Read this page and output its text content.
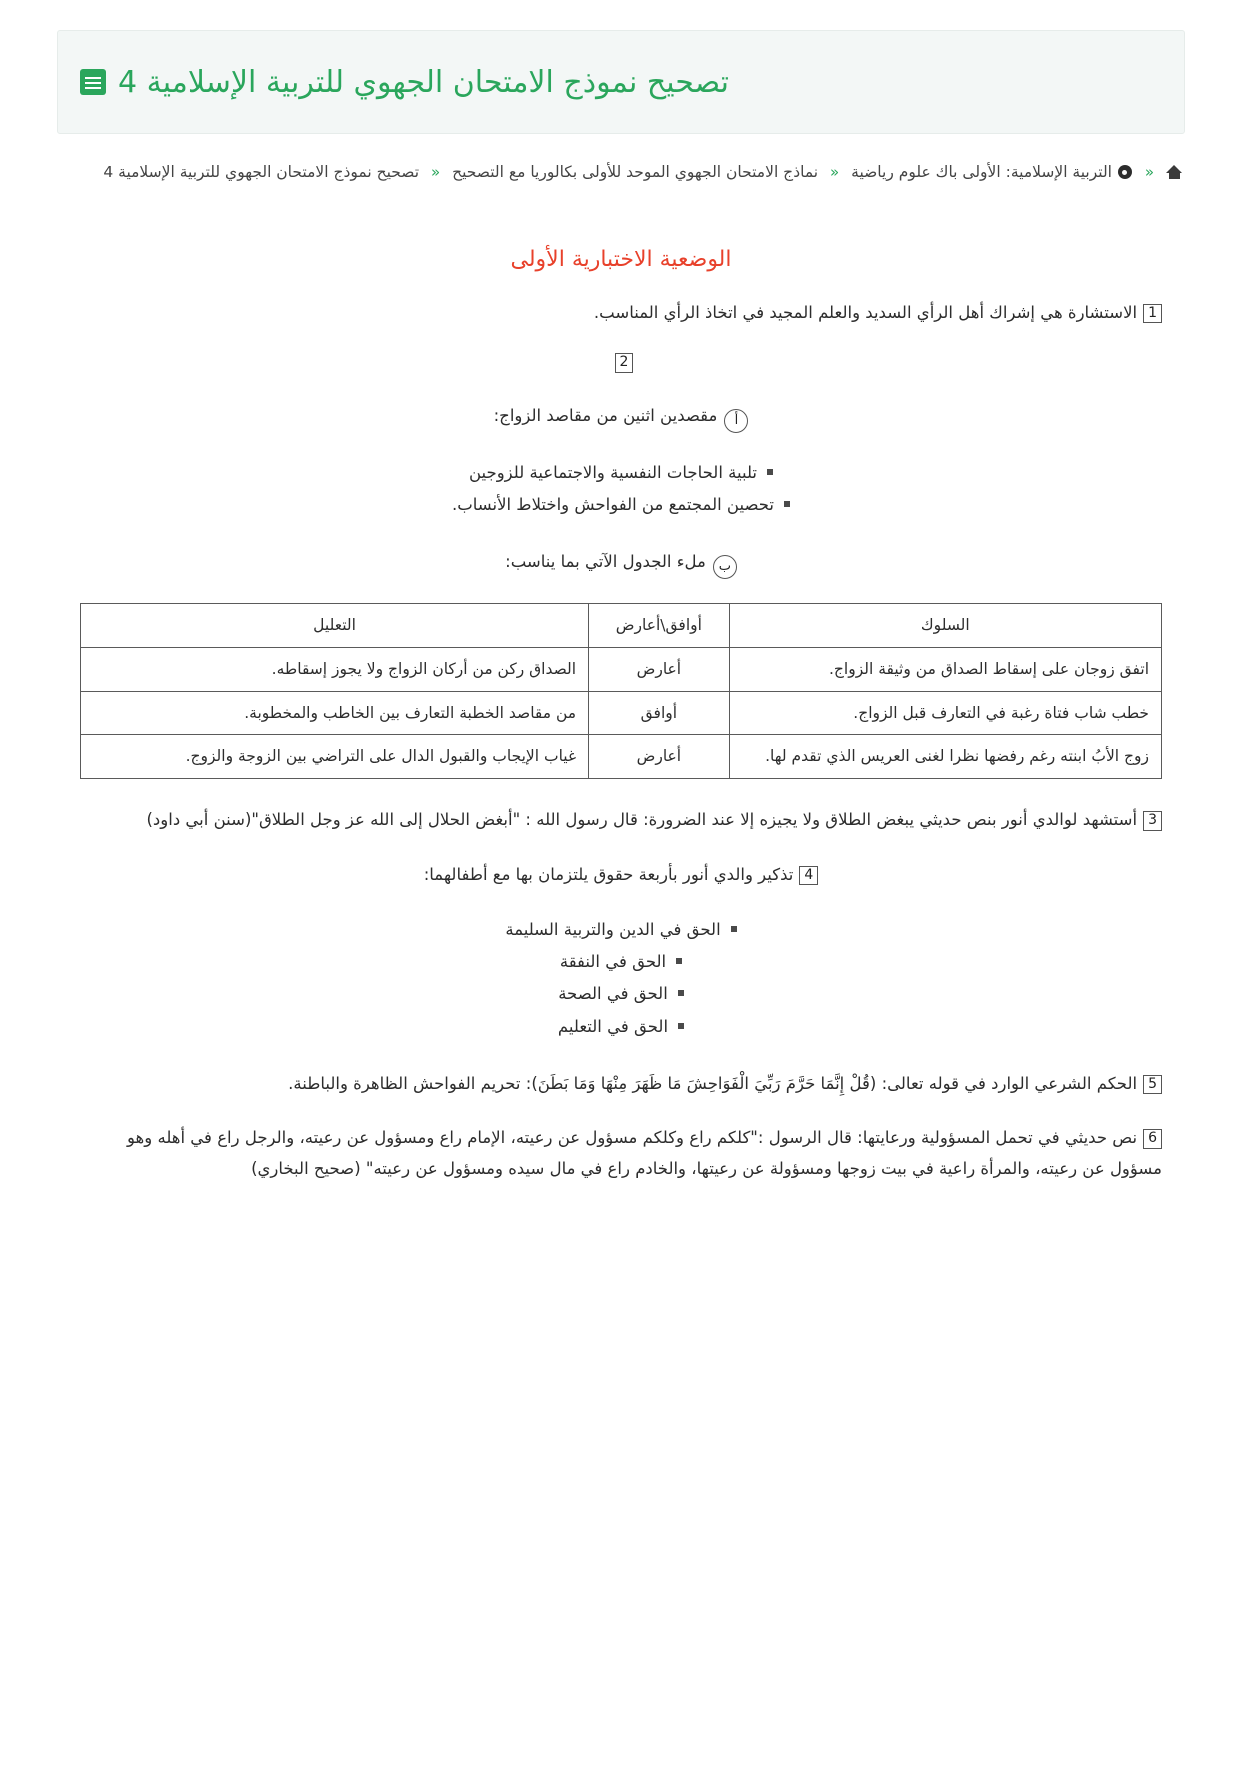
تصحيح نموذج الامتحان الجهوي للتربية الإسلامية 4
«  التربية الإسلامية: الأولى باك علوم رياضية « نماذج الامتحان الجهوي الموحد للأولى بكالوريا مع التصحيح « تصحيح نموذج الامتحان الجهوي للتربية الإسلامية 4
الوضعية الاختبارية الأولى

1الاستشارة هي إشراك أهل الرأي السديد والعلم المجيد في اتخاذ الرأي المناسب.

2

أمقصدين اثنين من مقاصد الزواج:

تلبية الحاجات النفسية والاجتماعية للزوجين
تحصين المجتمع من الفواحش واختلاط الأنساب.

بملء الجدول الآتي بما يناسب:

السلوك	أوافق\أعارض	التعليل
اتفق زوجان على إسقاط الصداق من وثيقة الزواج.	أعارض	الصداق ركن من أركان الزواج ولا يجوز إسقاطه.
خطب شاب فتاة رغبة في التعارف قبل الزواج.	أوافق	من مقاصد الخطبة التعارف بين الخاطب والمخطوبة.
زوج الأبُ ابنته رغم رفضها نظرا لغنى العريس الذي تقدم لها.	أعارض	غياب الإيجاب والقبول الدال على التراضي بين الزوجة والزوج.

3أستشهد لوالدي أنور بنص حديثي يبغض الطلاق ولا يجيزه إلا عند الضرورة: قال رسول الله : "أبغض الحلال إلى الله عز وجل الطلاق"(سنن أبي داود)

4تذكير والدي أنور بأربعة حقوق يلتزمان بها مع أطفالهما:

الحق في الدين والتربية السليمة
الحق في النفقة
الحق في الصحة
الحق في التعليم

5الحكم الشرعي الوارد في قوله تعالى: (قُلْ إِنَّمَا حَرَّمَ رَبِّيَ الْفَوَاحِشَ مَا ظَهَرَ مِنْهَا وَمَا بَطَنَ): تحريم الفواحش الظاهرة والباطنة.

6نص حديثي في تحمل المسؤولية ورعايتها: قال الرسول :"كلكم راع وكلكم مسؤول عن رعيته، الإمام راع ومسؤول عن رعيته، والرجل راع في أهله وهو مسؤول عن رعيته، والمرأة راعية في بيت زوجها ومسؤولة عن رعيتها، والخادم راع في مال سيده ومسؤول عن رعيته" (صحيح البخاري)
